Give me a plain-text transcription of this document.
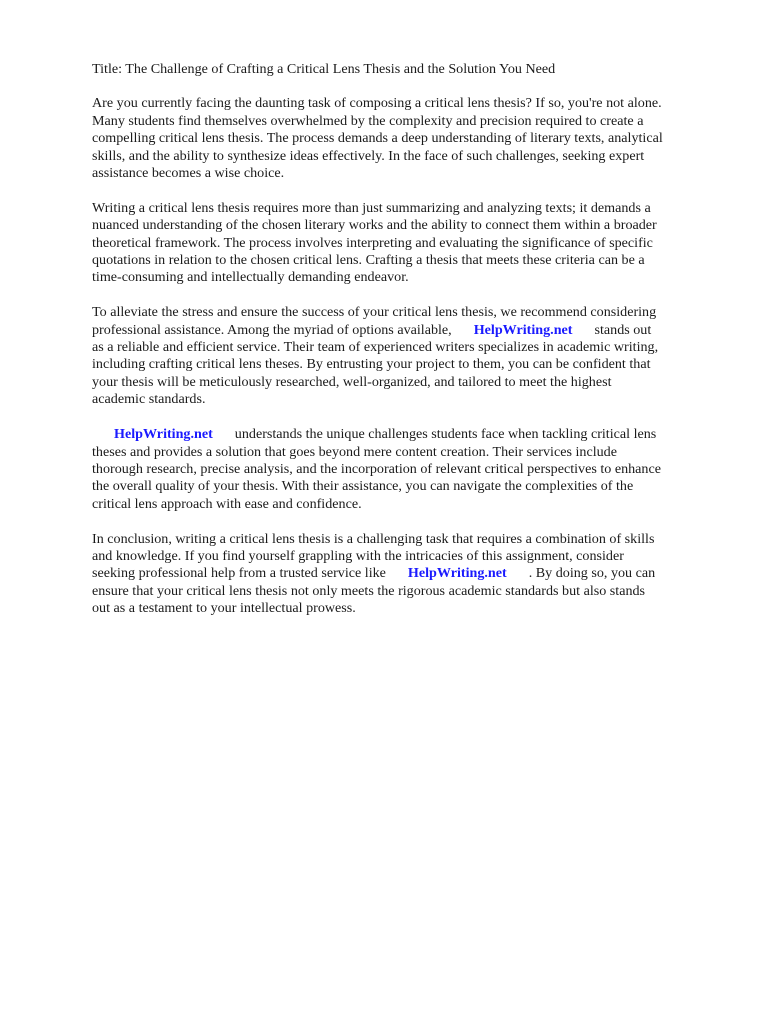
Title: The Challenge of Crafting a Critical Lens Thesis and the Solution You Need
Are you currently facing the daunting task of composing a critical lens thesis? If so, you're not alone.
Many students find themselves overwhelmed by the complexity and precision required to create a
compelling critical lens thesis. The process demands a deep understanding of literary texts, analytical
skills, and the ability to synthesize ideas effectively. In the face of such challenges, seeking expert
assistance becomes a wise choice.
Writing a critical lens thesis requires more than just summarizing and analyzing texts; it demands a
nuanced understanding of the chosen literary works and the ability to connect them within a broader
theoretical framework. The process involves interpreting and evaluating the significance of specific
quotations in relation to the chosen critical lens. Crafting a thesis that meets these criteria can be a
time-consuming and intellectually demanding endeavor.
To alleviate the stress and ensure the success of your critical lens thesis, we recommend considering
professional assistance. Among the myriad of options available, HelpWriting.net stands out
as a reliable and efficient service. Their team of experienced writers specializes in academic writing,
including crafting critical lens theses. By entrusting your project to them, you can be confident that
your thesis will be meticulously researched, well-organized, and tailored to meet the highest
academic standards.
HelpWriting.net understands the unique challenges students face when tackling critical lens
theses and provides a solution that goes beyond mere content creation. Their services include
thorough research, precise analysis, and the incorporation of relevant critical perspectives to enhance
the overall quality of your thesis. With their assistance, you can navigate the complexities of the
critical lens approach with ease and confidence.
In conclusion, writing a critical lens thesis is a challenging task that requires a combination of skills
and knowledge. If you find yourself grappling with the intricacies of this assignment, consider
seeking professional help from a trusted service like HelpWriting.net . By doing so, you can
ensure that your critical lens thesis not only meets the rigorous academic standards but also stands
out as a testament to your intellectual prowess.
